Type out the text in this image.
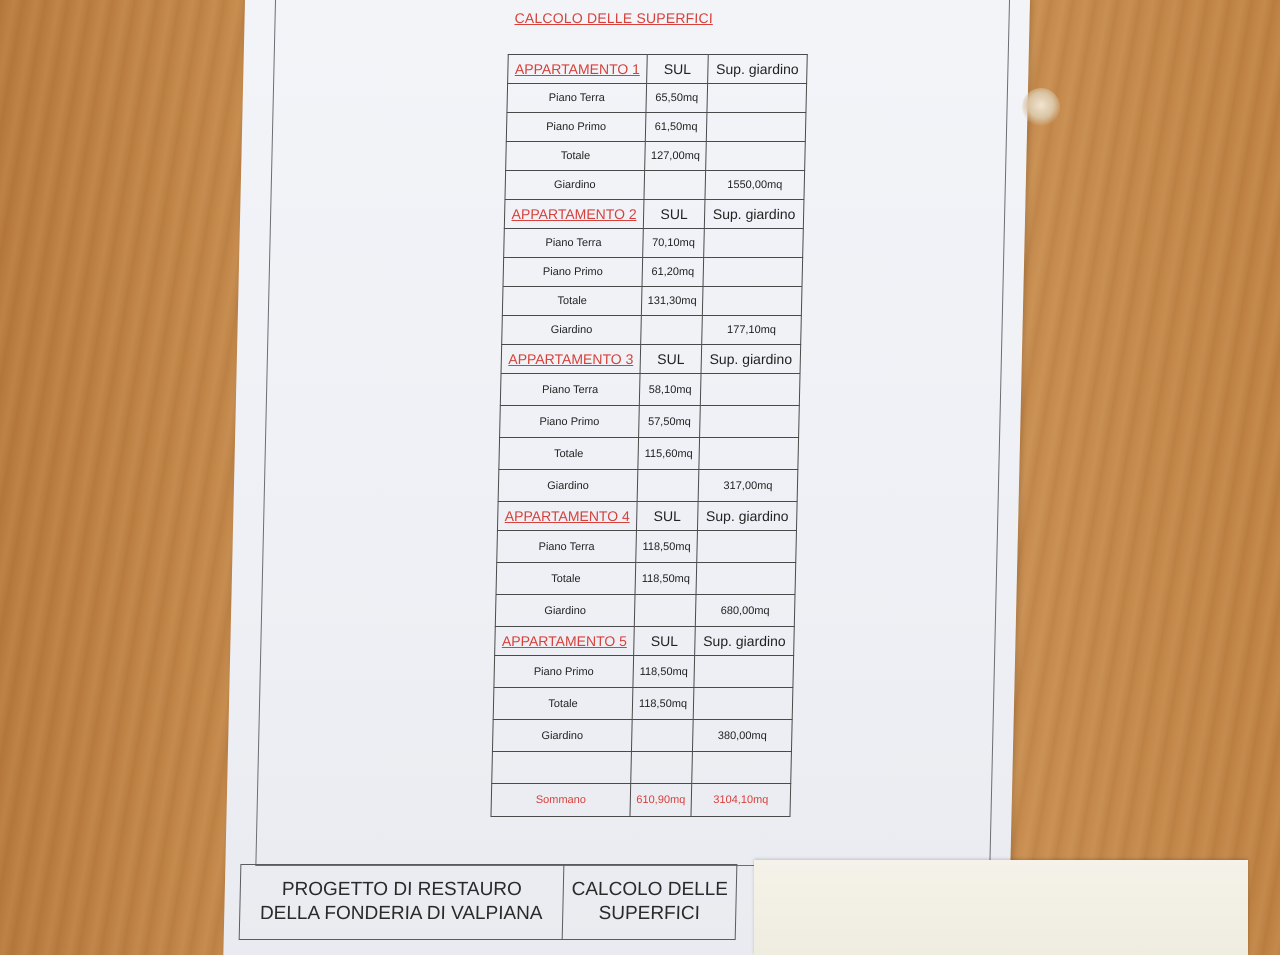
CALCOLO DELLE SUPERFICI
APPARTAMENTO 1	SUL	Sup. giardino
Piano Terra	65,50mq	
Piano Primo	61,50mq	
Totale	127,00mq	
Giardino		1550,00mq
APPARTAMENTO 2	SUL	Sup. giardino
Piano Terra	70,10mq	
Piano Primo	61,20mq	
Totale	131,30mq	
Giardino		177,10mq
APPARTAMENTO 3	SUL	Sup. giardino
Piano Terra	58,10mq	
Piano Primo	57,50mq	
Totale	115,60mq	
Giardino		317,00mq
APPARTAMENTO 4	SUL	Sup. giardino
Piano Terra	118,50mq	
Totale	118,50mq	
Giardino		680,00mq
APPARTAMENTO 5	SUL	Sup. giardino
Piano Primo	118,50mq	
Totale	118,50mq	
Giardino		380,00mq

Sommano	610,90mq	3104,10mq
PROGETTO DI RESTAURO
DELLA FONDERIA DI VALPIANA
CALCOLO DELLE
SUPERFICI
